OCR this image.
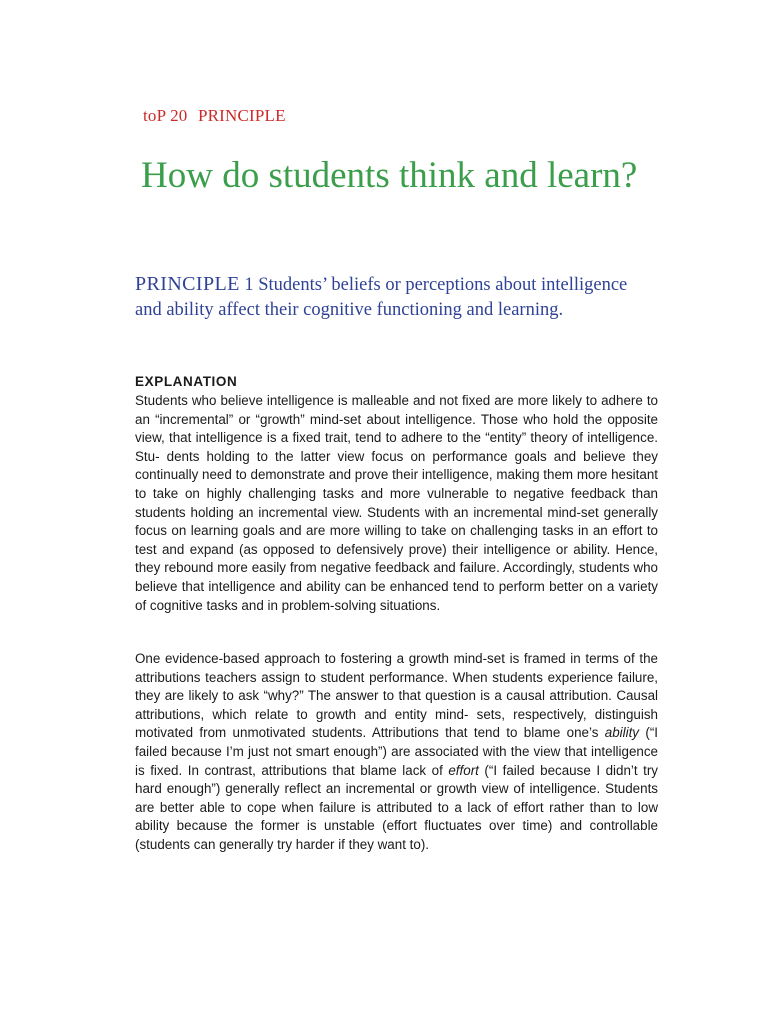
toP 20 PRINCIPLE
How do students think and learn?

PRINCIPLE 1 Students’ beliefs or perceptions about intelligence and ability affect their cognitive functioning and learning.

EXPLANATION

Students who believe intelligence is malleable and not fixed are more likely to adhere to an “incremental” or “growth” mind-set about intelligence. Those who hold the opposite view, that intelligence is a fixed trait, tend to adhere to the “entity” theory of intelligence. Stu- dents holding to the latter view focus on performance goals and believe they continually need to demonstrate and prove their intelligence, making them more hesitant to take on highly challenging tasks and more vulnerable to negative feedback than students holding an incremental view. Students with an incremental mind-set generally focus on learning goals and are more willing to take on challenging tasks in an effort to test and expand (as opposed to defensively prove) their intelligence or ability. Hence, they rebound more easily from negative feedback and failure. Accordingly, students who believe that intelligence and ability can be enhanced tend to perform better on a variety of cognitive tasks and in problem-solving situations.

One evidence-based approach to fostering a growth mind-set is framed in terms of the attributions teachers assign to student performance. When students experience failure, they are likely to ask “why?” The answer to that question is a causal attribution. Causal attributions, which relate to growth and entity mind- sets, respectively, distinguish motivated from unmotivated students. Attributions that tend to blame one’s ability (“I failed because I’m just not smart enough”) are associated with the view that intelligence is fixed. In contrast, attributions that blame lack of effort (“I failed because I didn’t try hard enough”) generally reflect an incremental or growth view of intelligence. Students are better able to cope when failure is attributed to a lack of effort rather than to low ability because the former is unstable (effort fluctuates over time) and controllable (students can generally try harder if they want to).
